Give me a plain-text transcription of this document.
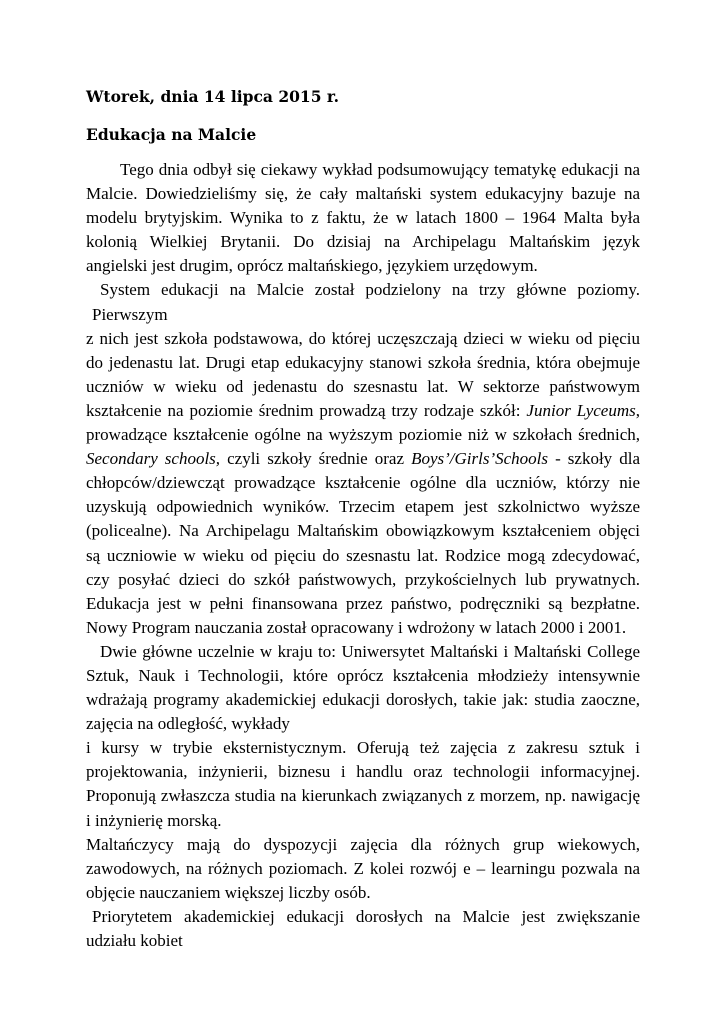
Wtorek, dnia 14 lipca 2015 r.
Edukacja na Malcie
Tego dnia odbył się ciekawy wykład podsumowujący tematykę edukacji na
Malcie. Dowiedzieliśmy się, że cały maltański system edukacyjny bazuje na
modelu brytyjskim. Wynika to z faktu, że w latach 1800 – 1964 Malta była
kolonią Wielkiej Brytanii. Do dzisiaj na Archipelagu Maltańskim język
angielski jest drugim, oprócz maltańskiego, językiem urzędowym.
System edukacji na Malcie został podzielony na trzy główne poziomy.
Pierwszym
z nich jest szkoła podstawowa, do której uczęszczają dzieci w wieku od pięciu
do jedenastu lat. Drugi etap edukacyjny stanowi szkoła średnia, która obejmuje
uczniów w wieku od jedenastu do szesnastu lat. W sektorze państwowym
kształcenie na poziomie średnim prowadzą trzy rodzaje szkół: Junior Lyceums,
prowadzące kształcenie ogólne na wyższym poziomie niż w szkołach średnich,
Secondary schools, czyli szkoły średnie oraz Boys’/Girls’Schools - szkoły dla
chłopców/dziewcząt prowadzące kształcenie ogólne dla uczniów, którzy nie
uzyskują odpowiednich wyników. Trzecim etapem jest szkolnictwo wyższe
(policealne). Na Archipelagu Maltańskim obowiązkowym kształceniem objęci
są uczniowie w wieku od pięciu do szesnastu lat. Rodzice mogą zdecydować,
czy posyłać dzieci do szkół państwowych, przykościelnych lub prywatnych.
Edukacja jest w pełni finansowana przez państwo, podręczniki są bezpłatne.
Nowy Program nauczania został opracowany i wdrożony w latach 2000 i 2001.
Dwie główne uczelnie w kraju to: Uniwersytet Maltański i Maltański College
Sztuk, Nauk i Technologii, które oprócz kształcenia młodzieży intensywnie
wdrażają programy akademickiej edukacji dorosłych, takie jak: studia zaoczne,
zajęcia na odległość, wykłady
i kursy w trybie eksternistycznym. Oferują też zajęcia z zakresu sztuk i
projektowania, inżynierii, biznesu i handlu oraz technologii informacyjnej.
Proponują zwłaszcza studia na kierunkach związanych z morzem, np. nawigację
i inżynierię morską.
Maltańczycy mają do dyspozycji zajęcia dla różnych grup wiekowych,
zawodowych, na różnych poziomach. Z kolei rozwój e – learningu pozwala na
objęcie nauczaniem większej liczby osób.
Priorytetem akademickiej edukacji dorosłych na Malcie jest zwiększanie
udziału kobiet
